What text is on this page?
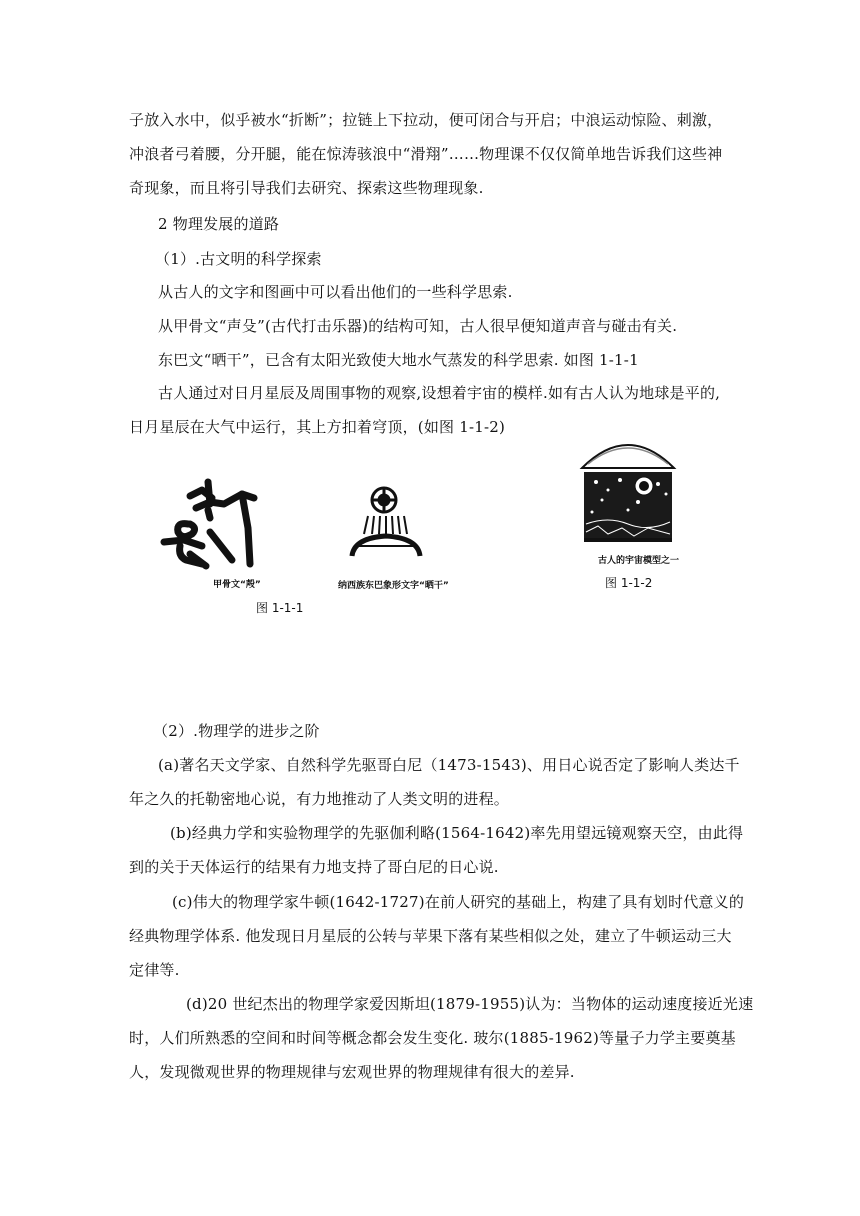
子放入水中，似乎被水“折断”；拉链上下拉动，便可闭合与开启；中浪运动惊险、刺激，
冲浪者弓着腰，分开腿，能在惊涛骇浪中“滑翔”……物理课不仅仅简单地告诉我们这些神
奇现象，而且将引导我们去研究、探索这些物理现象.
2 物理发展的道路
（1）.古文明的科学探索
从古人的文字和图画中可以看出他们的一些科学思索.
从甲骨文“声殳”(古代打击乐器)的结构可知，古人很早便知道声音与碰击有关.
东巴文“晒干”，已含有太阳光致使大地水气蒸发的科学思索. 如图 1-1-1
古人通过对日月星辰及周围事物的观察,设想着宇宙的模样.如有古人认为地球是平的,
日月星辰在大气中运行，其上方扣着穹顶，(如图 1-1-2)
甲骨文“殸”	纳西族东巴象形文字“晒干”
图 1-1-1
古人的宇宙模型之一
图 1-1-2
（2）.物理学的进步之阶
(a)著名天文学家、自然科学先驱哥白尼（1473-1543)、用日心说否定了影响人类达千
年之久的托勒密地心说，有力地推动了人类文明的进程。
(b)经典力学和实验物理学的先驱伽利略(1564-1642)率先用望远镜观察天空，由此得
到的关于天体运行的结果有力地支持了哥白尼的日心说.
(c)伟大的物理学家牛顿(1642-1727)在前人研究的基础上，构建了具有划时代意义的
经典物理学体系. 他发现日月星辰的公转与苹果下落有某些相似之处，建立了牛顿运动三大
定律等.
(d)20 世纪杰出的物理学家爱因斯坦(1879-1955)认为：当物体的运动速度接近光速
时，人们所熟悉的空间和时间等概念都会发生变化. 玻尔(1885-1962)等量子力学主要奠基
人，发现微观世界的物理规律与宏观世界的物理规律有很大的差异.
